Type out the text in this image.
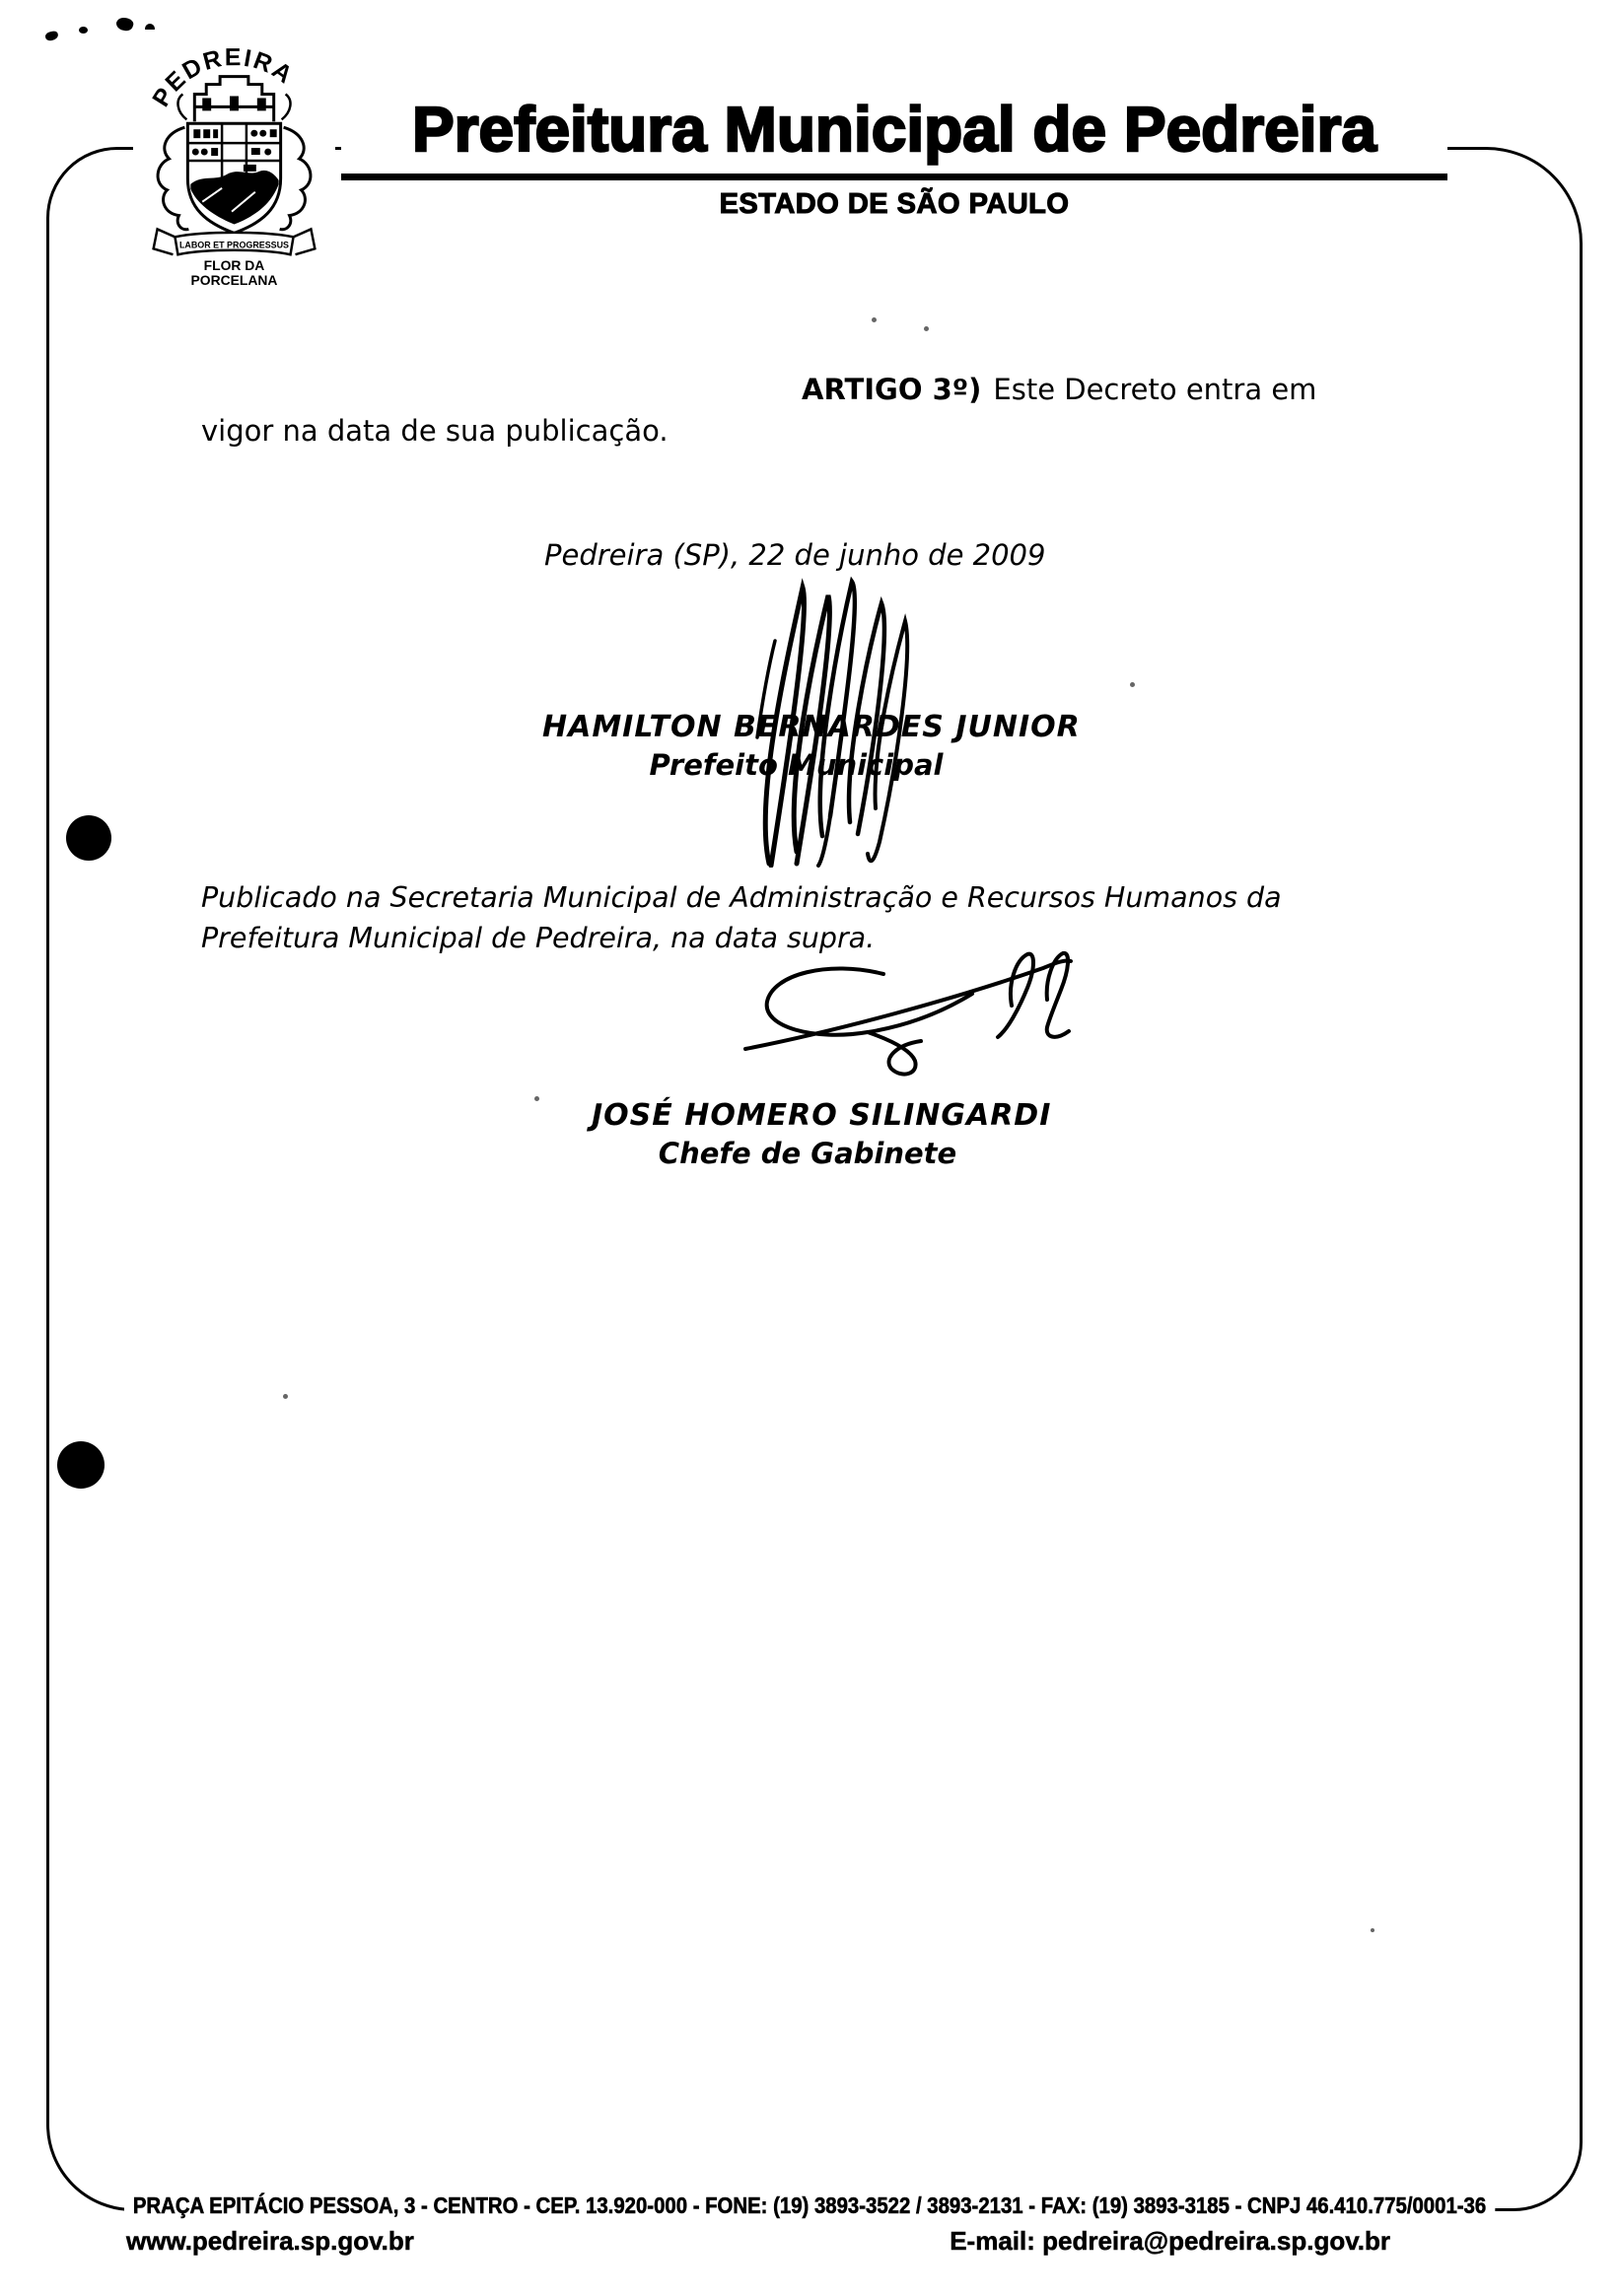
PEDREIRA
LABOR ET PROGRESSUS
FLOR DA
PORCELANA
Prefeitura Municipal de Pedreira
ESTADO DE SÃO PAULO
ARTIGO 3º) Este Decreto entra em
vigor na data de sua publicação.
Pedreira (SP), 22 de junho de 2009
HAMILTON BERNARDES JUNIOR
Prefeito Municipal
Publicado na Secretaria Municipal de Administração e Recursos Humanos da
Prefeitura Municipal de Pedreira, na data supra.
JOSÉ HOMERO SILINGARDI
Chefe de Gabinete
PRAÇA EPITÁCIO PESSOA, 3 - CENTRO - CEP. 13.920-000 - FONE: (19) 3893-3522 / 3893-2131 - FAX: (19) 3893-3185 - CNPJ 46.410.775/0001-36
www.pedreira.sp.gov.br	E-mail: pedreira@pedreira.sp.gov.br
